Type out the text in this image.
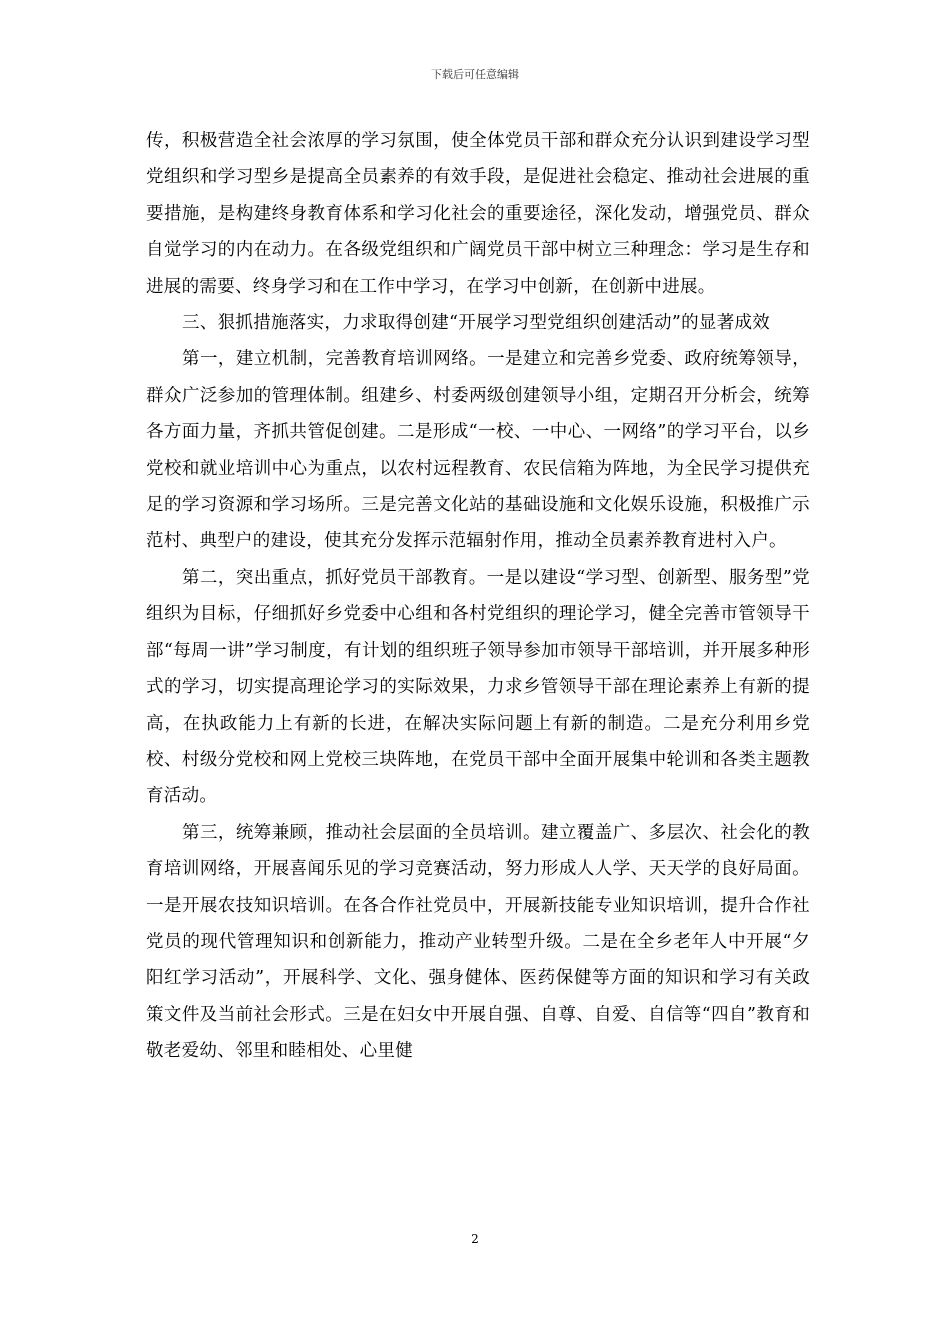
下载后可任意编辑

传，积极营造全社会浓厚的学习氛围，使全体党员干部和群众充分认识到建设学习型党组织和学习型乡是提高全员素养的有效手段，是促进社会稳定、推动社会进展的重要措施，是构建终身教育体系和学习化社会的重要途径，深化发动，增强党员、群众自觉学习的内在动力。在各级党组织和广阔党员干部中树立三种理念：学习是生存和进展的需要、终身学习和在工作中学习，在学习中创新，在创新中进展。

三、狠抓措施落实，力求取得创建“开展学习型党组织创建活动”的显著成效

第一，建立机制，完善教育培训网络。一是建立和完善乡党委、政府统筹领导，群众广泛参加的管理体制。组建乡、村委两级创建领导小组，定期召开分析会，统筹各方面力量，齐抓共管促创建。二是形成“一校、一中心、一网络”的学习平台，以乡党校和就业培训中心为重点，以农村远程教育、农民信箱为阵地，为全民学习提供充足的学习资源和学习场所。三是完善文化站的基础设施和文化娱乐设施，积极推广示范村、典型户的建设，使其充分发挥示范辐射作用，推动全员素养教育进村入户。

第二，突出重点，抓好党员干部教育。一是以建设“学习型、创新型、服务型”党组织为目标，仔细抓好乡党委中心组和各村党组织的理论学习，健全完善市管领导干部“每周一讲”学习制度，有计划的组织班子领导参加市领导干部培训，并开展多种形式的学习，切实提高理论学习的实际效果，力求乡管领导干部在理论素养上有新的提高，在执政能力上有新的长进，在解决实际问题上有新的制造。二是充分利用乡党校、村级分党校和网上党校三块阵地，在党员干部中全面开展集中轮训和各类主题教育活动。

第三，统筹兼顾，推动社会层面的全员培训。建立覆盖广、多层次、社会化的教育培训网络，开展喜闻乐见的学习竞赛活动，努力形成人人学、天天学的良好局面。一是开展农技知识培训。在各合作社党员中，开展新技能专业知识培训，提升合作社党员的现代管理知识和创新能力，推动产业转型升级。二是在全乡老年人中开展“夕阳红学习活动”，开展科学、文化、强身健体、医药保健等方面的知识和学习有关政策文件及当前社会形式。三是在妇女中开展自强、自尊、自爱、自信等“四自”教育和敬老爱幼、邻里和睦相处、心里健

2
